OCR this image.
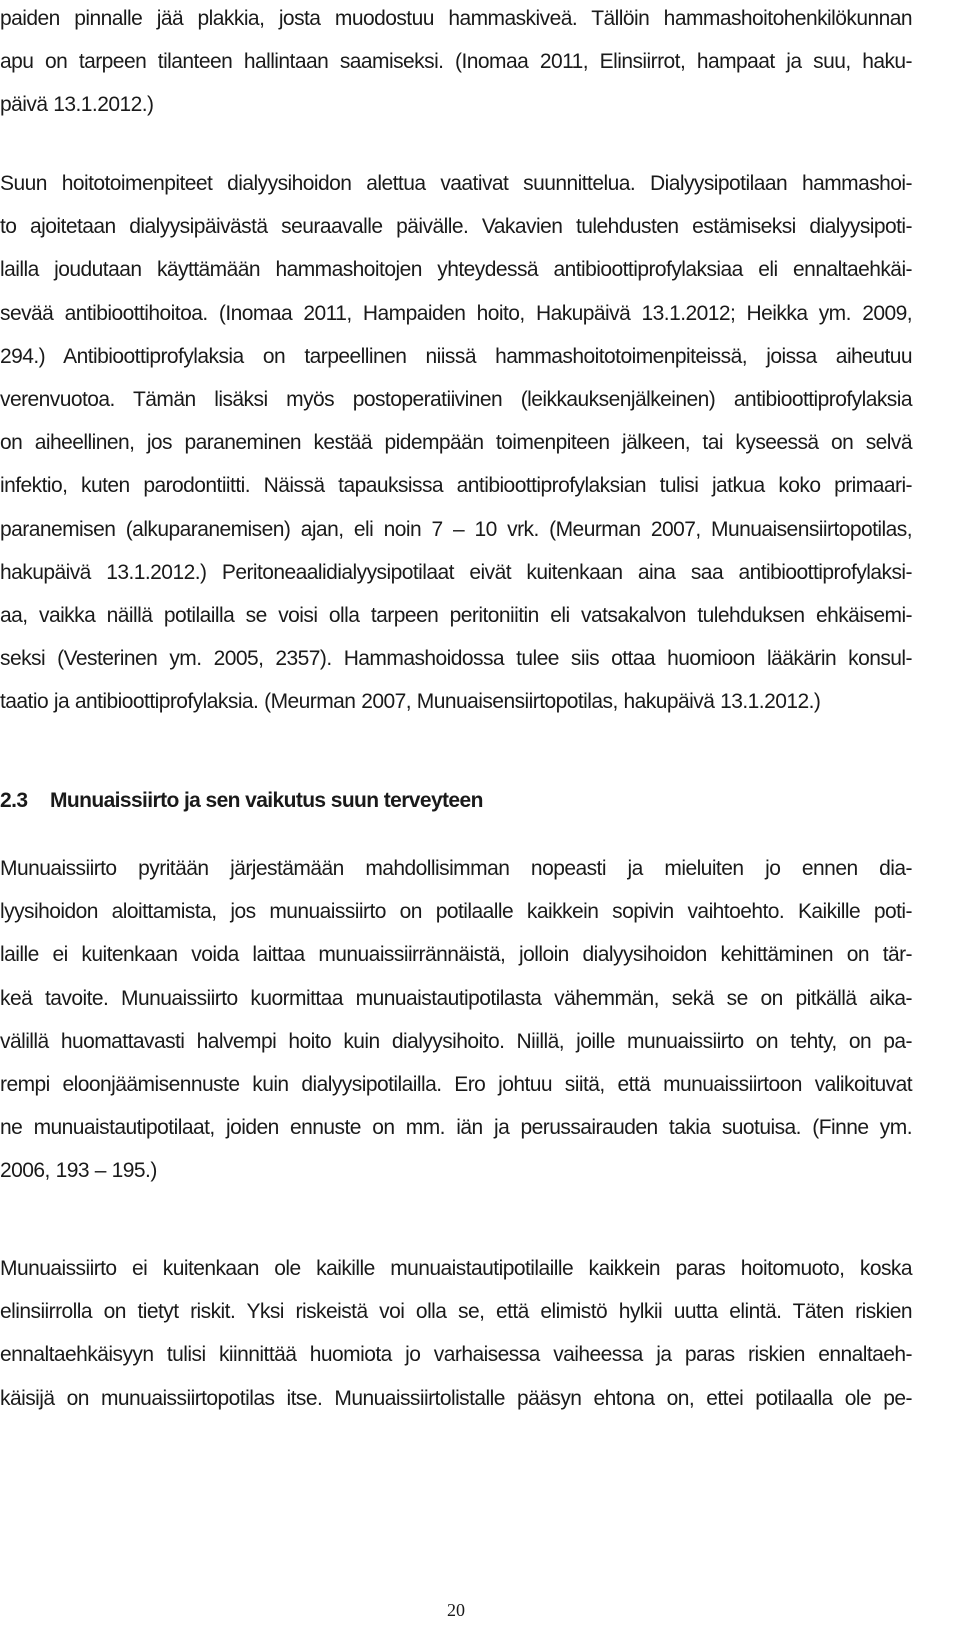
paiden pinnalle jää plakkia, josta muodostuu hammaskiveä. Tällöin hammashoitohenkilökunnan
apu on tarpeen tilanteen hallintaan saamiseksi. (Inomaa 2011, Elinsiirrot, hampaat ja suu, haku-
päivä 13.1.2012.)
Suun hoitotoimenpiteet dialyysihoidon alettua vaativat suunnittelua. Dialyysipotilaan hammashoi-
to ajoitetaan dialyysipäivästä seuraavalle päivälle. Vakavien tulehdusten estämiseksi dialyysipoti-
lailla joudutaan käyttämään hammashoitojen yhteydessä antibioottiprofylaksiaa eli ennaltaehkäi-
sevää antibioottihoitoa. (Inomaa 2011, Hampaiden hoito, Hakupäivä 13.1.2012; Heikka ym. 2009,
294.) Antibioottiprofylaksia on tarpeellinen niissä hammashoitotoimenpiteissä, joissa aiheutuu
verenvuotoa. Tämän lisäksi myös postoperatiivinen (leikkauksenjälkeinen) antibioottiprofylaksia
on aiheellinen, jos paraneminen kestää pidempään toimenpiteen jälkeen, tai kyseessä on selvä
infektio, kuten parodontiitti. Näissä tapauksissa antibioottiprofylaksian tulisi jatkua koko primaari-
paranemisen (alkuparanemisen) ajan, eli noin 7 – 10 vrk. (Meurman 2007, Munuaisensiirtopotilas,
hakupäivä 13.1.2012.) Peritoneaalidialyysipotilaat eivät kuitenkaan aina saa antibioottiprofylaksi-
aa, vaikka näillä potilailla se voisi olla tarpeen peritoniitin eli vatsakalvon tulehduksen ehkäisemi-
seksi (Vesterinen ym. 2005, 2357). Hammashoidossa tulee siis ottaa huomioon lääkärin konsul-
taatio ja antibioottiprofylaksia. (Meurman 2007, Munuaisensiirtopotilas, hakupäivä 13.1.2012.)
2.3 Munuaissiirto ja sen vaikutus suun terveyteen
Munuaissiirto pyritään järjestämään mahdollisimman nopeasti ja mieluiten jo ennen dia-
lyysihoidon aloittamista, jos munuaissiirto on potilaalle kaikkein sopivin vaihtoehto. Kaikille poti-
laille ei kuitenkaan voida laittaa munuaissiirrännäistä, jolloin dialyysihoidon kehittäminen on tär-
keä tavoite. Munuaissiirto kuormittaa munuaistautipotilasta vähemmän, sekä se on pitkällä aika-
välillä huomattavasti halvempi hoito kuin dialyysihoito. Niillä, joille munuaissiirto on tehty, on pa-
rempi eloonjäämisennuste kuin dialyysipotilailla. Ero johtuu siitä, että munuaissiirtoon valikoituvat
ne munuaistautipotilaat, joiden ennuste on mm. iän ja perussairauden takia suotuisa. (Finne ym.
2006, 193 – 195.)
Munuaissiirto ei kuitenkaan ole kaikille munuaistautipotilaille kaikkein paras hoitomuoto, koska
elinsiirrolla on tietyt riskit. Yksi riskeistä voi olla se, että elimistö hylkii uutta elintä. Täten riskien
ennaltaehkäisyyn tulisi kiinnittää huomiota jo varhaisessa vaiheessa ja paras riskien ennaltaeh-
käisijä on munuaissiirtopotilas itse. Munuaissiirtolistalle pääsyn ehtona on, ettei potilaalla ole pe-
20
